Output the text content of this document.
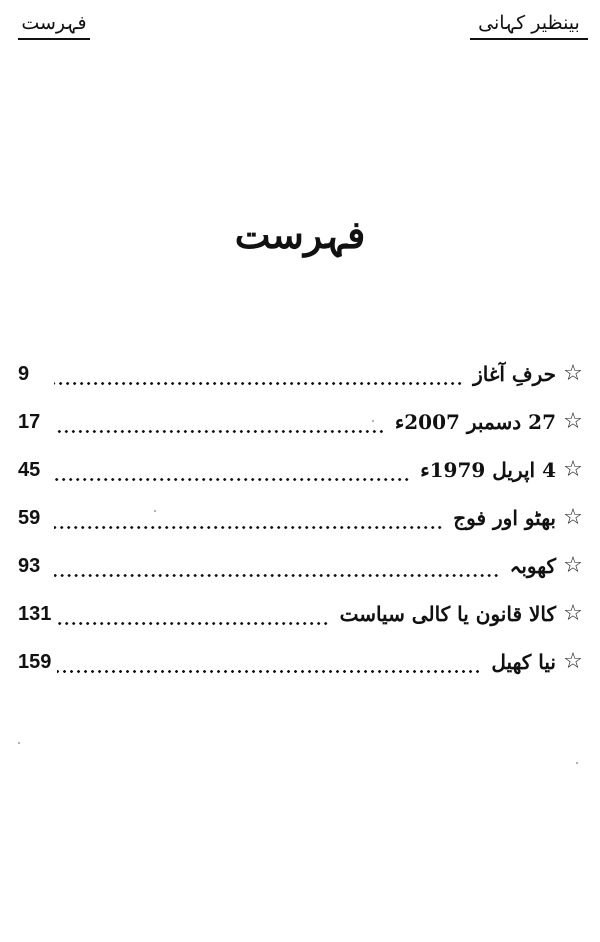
فہرست	بینظیر کہانی
فہرست
☆
حرفِ آغاز
9
☆
27 دسمبر 2007ء
17
☆
4 اپریل 1979ء
45
☆
بھٹو اور فوج
59
☆
کھوبہ
93
☆
کالا قانون یا کالی سیاست
131
☆
نیا کھیل
159
